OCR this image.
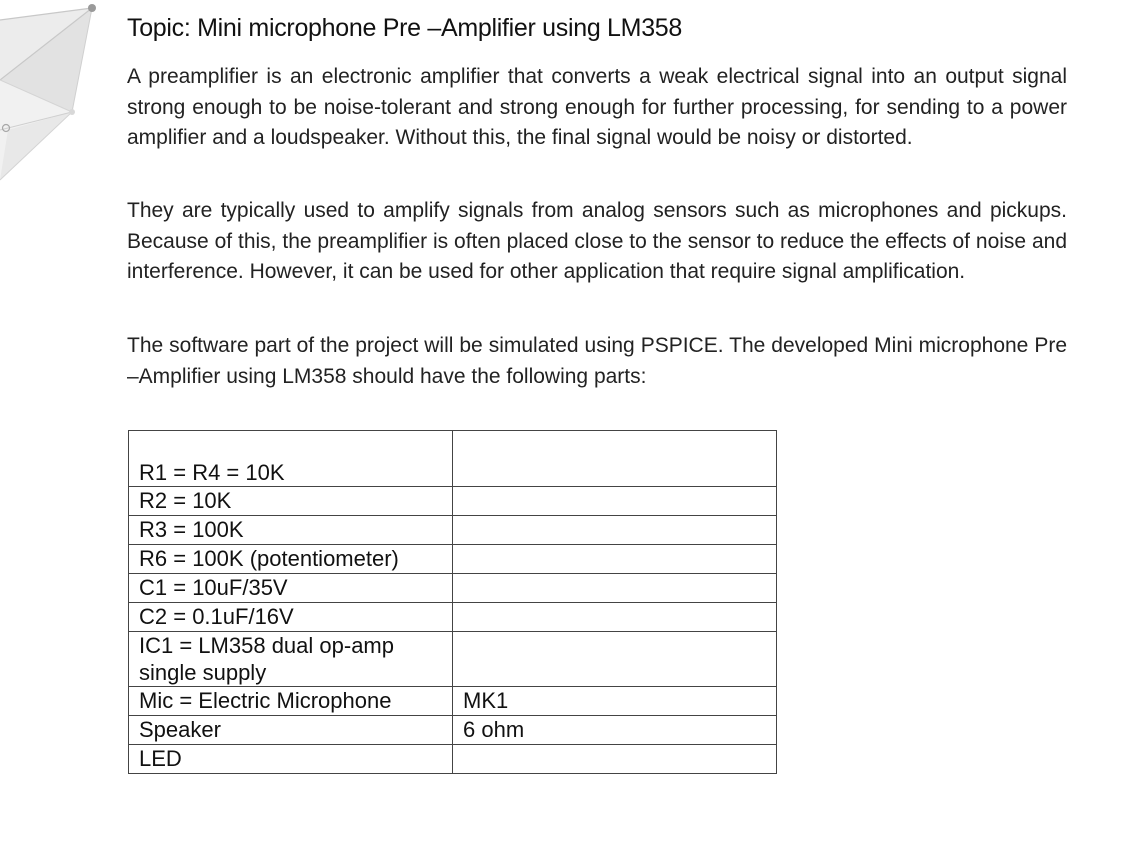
Topic: Mini microphone Pre –Amplifier using LM358

A preamplifier is an electronic amplifier that converts a weak electrical signal into an output signal strong enough to be noise-tolerant and strong enough for further processing, for sending to a power amplifier and a loudspeaker. Without this, the final signal would be noisy or distorted.

They are typically used to amplify signals from analog sensors such as microphones and pickups. Because of this, the preamplifier is often placed close to the sensor to reduce the effects of noise and interference. However, it can be used for other application that require signal amplification.

The software part of the project will be simulated using PSPICE. The developed Mini microphone Pre –Amplifier using LM358 should have the following parts:

R1 = R4 = 10K	
R2 = 10K	
R3 = 100K	
R6 = 100K (potentiometer)	
C1 = 10uF/35V	
C2 = 0.1uF/16V	
IC1 = LM358 dual op-amp single supply	
Mic = Electric Microphone	MK1
Speaker	6 ohm
LED	
